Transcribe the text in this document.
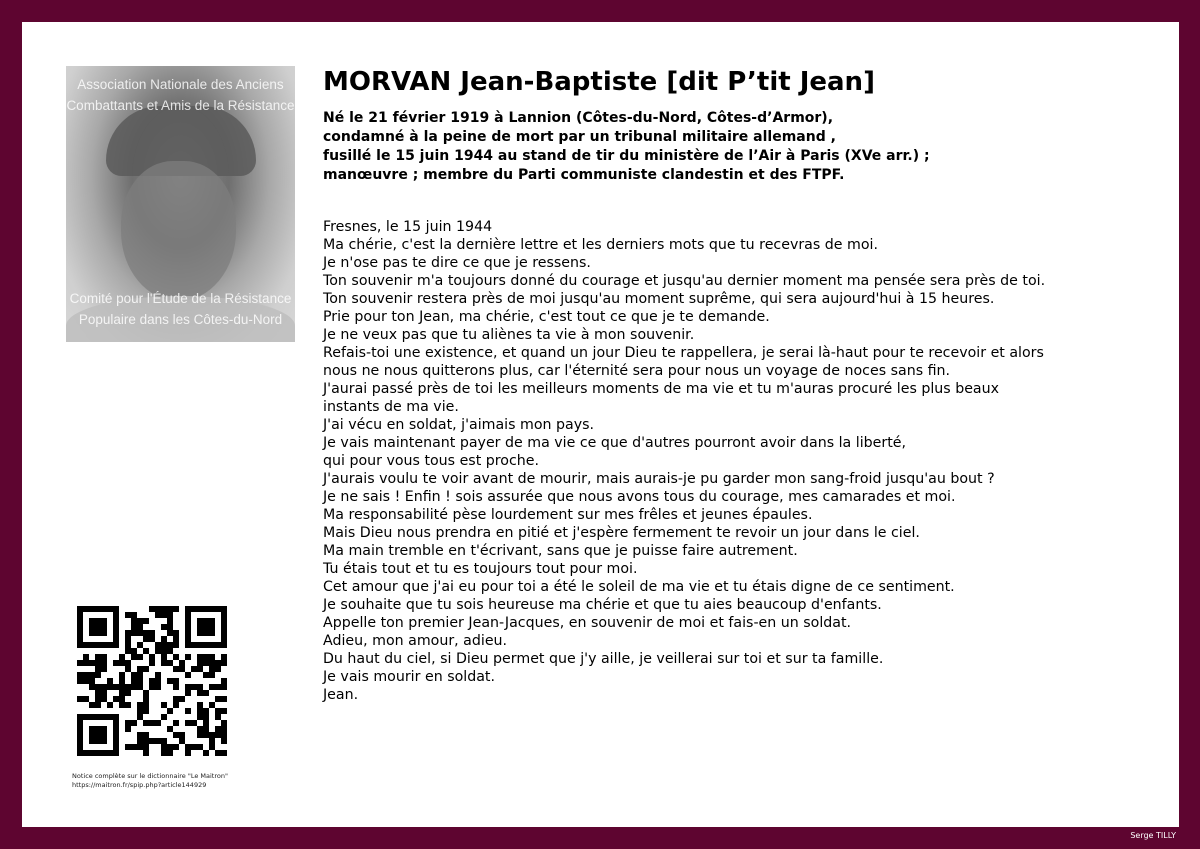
Association Nationale des Anciens
Combattants et Amis de la Résistance
Comité pour l'Étude de la Résistance
Populaire dans les Côtes-du-Nord
MORVAN Jean-Baptiste [dit P’tit Jean]
Né le 21 février 1919 à Lannion (Côtes-du-Nord, Côtes-d’Armor),
condamné à la peine de mort par un tribunal militaire allemand ,
fusillé le 15 juin 1944 au stand de tir du ministère de l’Air à Paris (XVe arr.) ;
manœuvre ; membre du Parti communiste clandestin et des FTPF.
Fresnes, le 15 juin 1944
Ma chérie, c'est la dernière lettre et les derniers mots que tu recevras de moi.
Je n'ose pas te dire ce que je ressens.
Ton souvenir m'a toujours donné du courage et jusqu'au dernier moment ma pensée sera près de toi.
Ton souvenir restera près de moi jusqu'au moment suprême, qui sera aujourd'hui à 15 heures.
Prie pour ton Jean, ma chérie, c'est tout ce que je te demande.
Je ne veux pas que tu aliènes ta vie à mon souvenir.
Refais-toi une existence, et quand un jour Dieu te rappellera, je serai là-haut pour te recevoir et alors
nous ne nous quitterons plus, car l'éternité sera pour nous un voyage de noces sans fin.
J'aurai passé près de toi les meilleurs moments de ma vie et tu m'auras procuré les plus beaux
instants de ma vie.
J'ai vécu en soldat, j'aimais mon pays.
Je vais maintenant payer de ma vie ce que d'autres pourront avoir dans la liberté,
qui pour vous tous est proche.
J'aurais voulu te voir avant de mourir, mais aurais-je pu garder mon sang-froid jusqu'au bout ?
Je ne sais ! Enfin ! sois assurée que nous avons tous du courage, mes camarades et moi.
Ma responsabilité pèse lourdement sur mes frêles et jeunes épaules.
Mais Dieu nous prendra en pitié et j'espère fermement te revoir un jour dans le ciel.
Ma main tremble en t'écrivant, sans que je puisse faire autrement.
Tu étais tout et tu es toujours tout pour moi.
Cet amour que j'ai eu pour toi a été le soleil de ma vie et tu étais digne de ce sentiment.
Je souhaite que tu sois heureuse ma chérie et que tu aies beaucoup d'enfants.
Appelle ton premier Jean-Jacques, en souvenir de moi et fais-en un soldat.
Adieu, mon amour, adieu.
Du haut du ciel, si Dieu permet que j'y aille, je veillerai sur toi et sur ta famille.
Je vais mourir en soldat.
Jean.
Notice complète sur le dictionnaire "Le Maitron"
https://maitron.fr/spip.php?article144929
Serge TILLY
